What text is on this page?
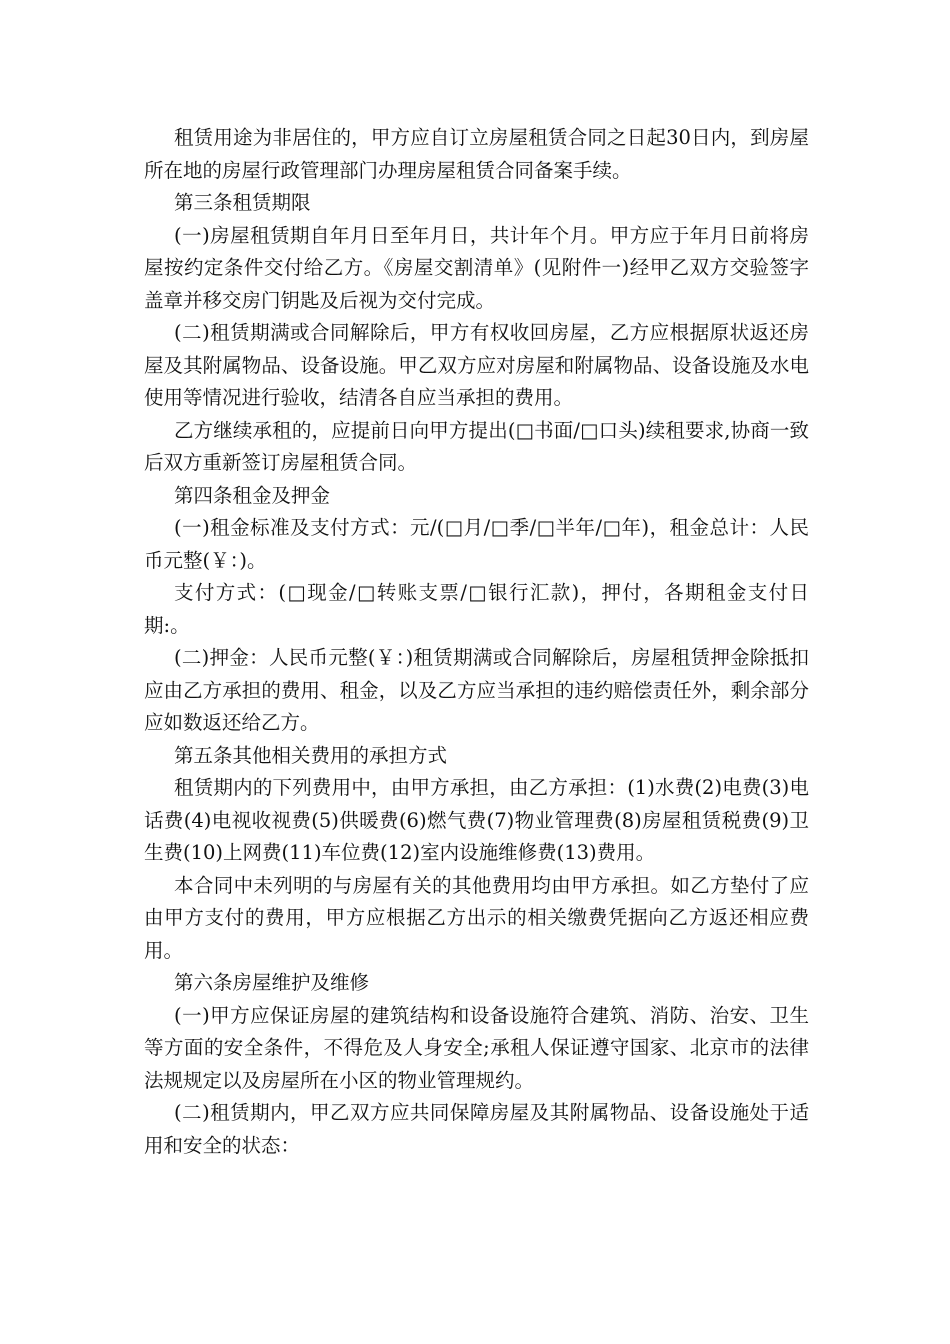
租赁用途为非居住的，甲方应自订立房屋租赁合同之日起30日内，到房屋所在地的房屋行政管理部门办理房屋租赁合同备案手续。

第三条租赁期限

(一)房屋租赁期自年月日至年月日，共计年个月。甲方应于年月日前将房屋按约定条件交付给乙方。《房屋交割清单》(见附件一)经甲乙双方交验签字盖章并移交房门钥匙及后视为交付完成。

(二)租赁期满或合同解除后，甲方有权收回房屋，乙方应根据原状返还房屋及其附属物品、设备设施。甲乙双方应对房屋和附属物品、设备设施及水电使用等情况进行验收，结清各自应当承担的费用。

乙方继续承租的，应提前日向甲方提出(□书面/□口头)续租要求,协商一致后双方重新签订房屋租赁合同。

第四条租金及押金

(一)租金标准及支付方式：元/(□月/□季/□半年/□年)，租金总计：人民币元整(￥：)。

支付方式：(□现金/□转账支票/□银行汇款)，押付，各期租金支付日期:。

(二)押金：人民币元整(￥：)租赁期满或合同解除后，房屋租赁押金除抵扣应由乙方承担的费用、租金，以及乙方应当承担的违约赔偿责任外，剩余部分应如数返还给乙方。

第五条其他相关费用的承担方式

租赁期内的下列费用中，由甲方承担，由乙方承担：(1)水费(2)电费(3)电话费(4)电视收视费(5)供暖费(6)燃气费(7)物业管理费(8)房屋租赁税费(9)卫生费(10)上网费(11)车位费(12)室内设施维修费(13)费用。

本合同中未列明的与房屋有关的其他费用均由甲方承担。如乙方垫付了应由甲方支付的费用，甲方应根据乙方出示的相关缴费凭据向乙方返还相应费用。

第六条房屋维护及维修

(一)甲方应保证房屋的建筑结构和设备设施符合建筑、消防、治安、卫生等方面的安全条件，不得危及人身安全;承租人保证遵守国家、北京市的法律法规规定以及房屋所在小区的物业管理规约。

(二)租赁期内，甲乙双方应共同保障房屋及其附属物品、设备设施处于适用和安全的状态：
